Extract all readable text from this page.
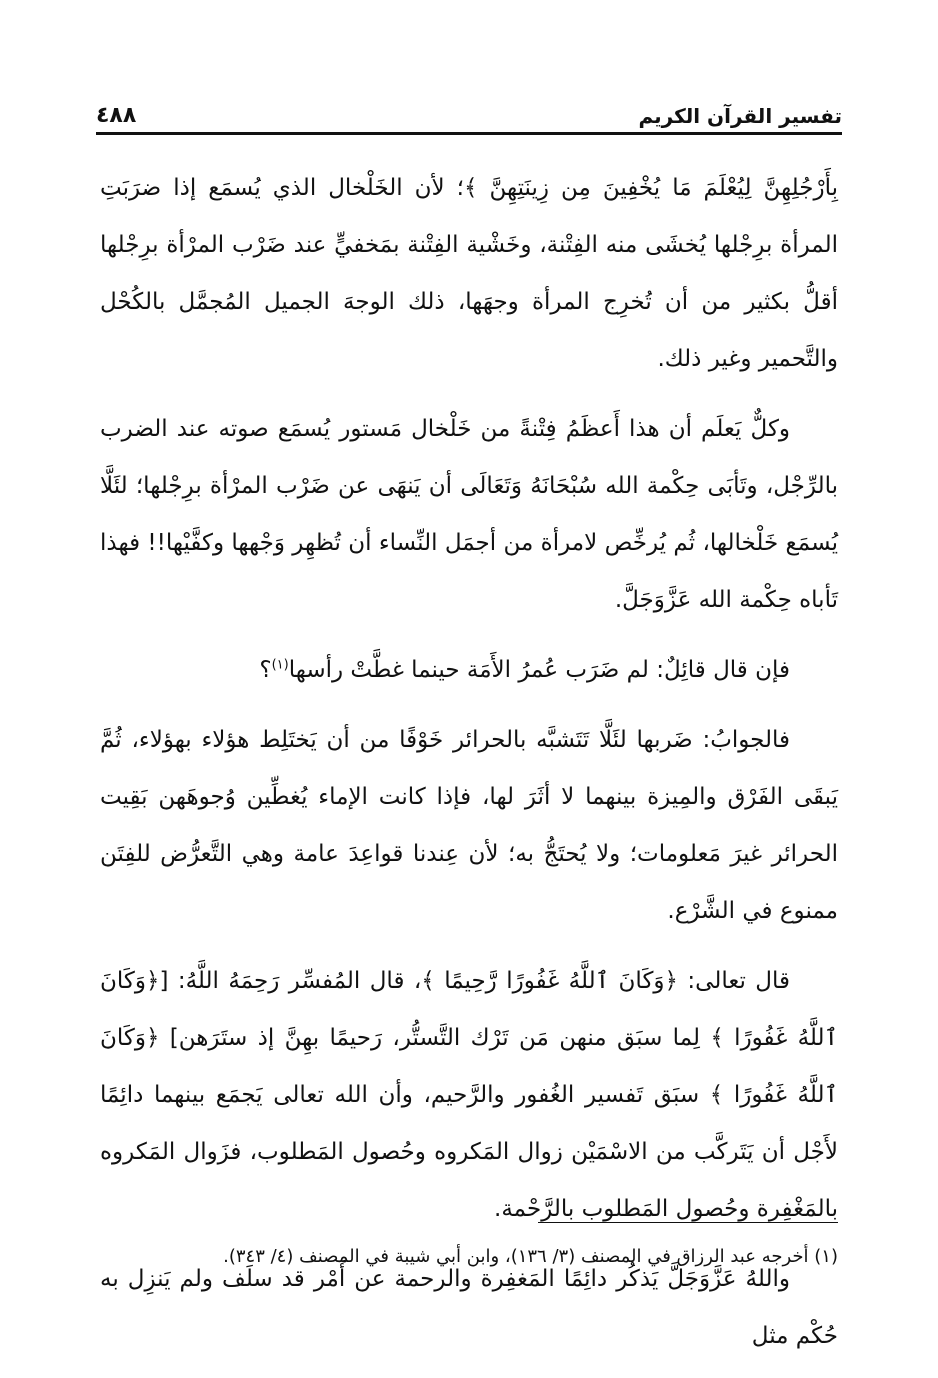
تفسير القرآن الكريم
٤٨٨

بِأَرْجُلِهِنَّ لِيُعْلَمَ مَا يُخْفِينَ مِن زِينَتِهِنَّ ﴾؛ لأن الخَلْخال الذي يُسمَع إذا ضرَبَتِ المرأة برِجْلها يُخشَى منه الفِتْنة، وخَشْية الفِتْنة بمَخفيٍّ عند ضَرْب المرْأة برِجْلها أقلُّ بكثير من أن تُخرِج المرأة وجهَها، ذلك الوجهَ الجميل المُجمَّل بالكُحْل والتَّحمير وغير ذلك.

وكلٌّ يَعلَم أن هذا أَعظَمُ فِتْنةً من خَلْخال مَستور يُسمَع صوته عند الضرب بالرِّجْل، وتَأبَى حِكْمة الله سُبْحَانَهُ وَتَعَالَى أن يَنهَى عن ضَرْب المرْأة برِجْلها؛ لئَلَّا يُسمَع خَلْخالها، ثُم يُرخِّص لامرأة من أجمَل النِّساء أن تُظهِر وَجْهها وكفَّيْها!! فهذا تَأباه حِكْمة الله عَزَّوَجَلَّ.

فإن قال قائِلٌ: لم ضَرَب عُمرُ الأَمَة حينما غطَّتْ رأسها$^{(١)}$؟

فالجوابُ: ضَربها لئَلَّا تَتَشبَّه بالحرائر خَوْفًا من أن يَختَلِط هؤلاء بهؤلاء، ثُمَّ يَبقَى الفَرْق والمِيزة بينهما لا أثَرَ لها، فإذا كانت الإماء يُغطِّين وُجوهَهن بَقِيت الحرائر غيرَ مَعلومات؛ ولا يُحتَجُّ به؛ لأن عِندنا قواعِدَ عامة وهي التَّعرُّض للفِتَن ممنوع في الشَّرْع.

قال تعالى: ﴿وَكَانَ ٱللَّهُ غَفُورًا رَّحِيمًا ﴾، قال المُفسِّر رَحِمَهُ اللَّهُ: [﴿وَكَانَ ٱللَّهُ غَفُورًا ﴾ لِما سبَق منهن مَن تَرْك التَّستُّر، رَحيمًا بهِنَّ إذ ستَرَهن] ﴿وَكَانَ ٱللَّهُ غَفُورًا ﴾ سبَق تَفسير الغُفور والرَّحيم، وأن الله تعالى يَجمَع بينهما دائِمًا لأَجْل أن يَتَركَّب من الاسْمَيْن زوال المَكروه وحُصول المَطلوب، فزَوال المَكروه بالمَغْفِرة وحُصول المَطلوب بالرَّحْمة.

واللهُ عَزَّوَجَلَّ يَذكُر دائِمًا المَغفِرة والرحمة عن أَمْر قد سلَف ولم يَنزِل به حُكْم مثل

(١) أخرجه عبد الرزاق في المصنف (٣/ ١٣٦)، وابن أبي شيبة في المصنف (٤/ ٣٤٣).
